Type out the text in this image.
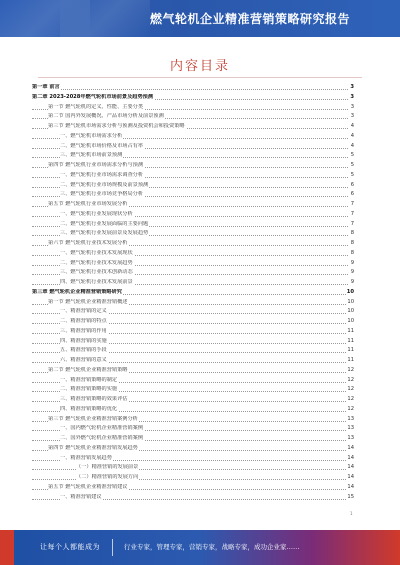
燃气轮机企业精准营销策略研究报告
内容目录
第一章 前言	3
第二章 2023-2028年燃气轮机市场前景及趋势预测	3
第一节 燃气轮机的定义、性能、主要分类	3
第二节 国内外发展概况、产品市场分析及前景预测	3
第三节 燃气轮机市场需求分析与预测及投资机会和投资策略	4
一、燃气轮机市场需求分析	4
二、燃气轮机市场价格及市场占有率	4
三、燃气轮机市场前景预测	5
第四节 燃气轮机行业市场需求分析与预测	5
一、燃气轮机行业市场需求调查分析	5
二、燃气轮机行业市场规模及前景预测	6
三、燃气轮机行业市场竞争格局分析	6
第五节 燃气轮机行业市场发展分析	7
一、燃气轮机行业发展现状分析	7
二、燃气轮机行业发展面临的主要问题	7
三、燃气轮机行业发展前景及发展趋势	8
第六节 燃气轮机行业技术发展分析	8
一、燃气轮机行业技术发展现状	8
二、燃气轮机行业技术发展趋势	9
三、燃气轮机行业技术创新动态	9
四、燃气轮机行业技术发展前景	9
第三章 燃气轮机企业精准营销策略研究	10
第一节 燃气轮机企业精准营销概述	10
一、精准营销的定义	10
二、精准营销的特点	10
三、精准营销的作用	11
四、精准营销的实施	11
五、精准营销的手段	11
六、精准营销的意义	11
第二节 燃气轮机企业精准营销策略	12
一、精准营销策略的制定	12
二、精准营销策略的实施	12
三、精准营销策略的效果评估	12
四、精准营销策略的优化	12
第三节 燃气轮机企业精准营销案例分析	13
一、国内燃气轮机企业精准营销案例	13
二、国外燃气轮机企业精准营销案例	13
第四节 燃气轮机企业精准营销发展趋势	14
一、精准营销发展趋势	14
（一）精准营销的发展前景	14
（二）精准营销的发展方向	14
第五节 燃气轮机企业精准营销建议	14
一、精准营销建议	15
1
让每个人都能成为	行业专家，管理专家，营销专家，战略专家，成功企业家……
